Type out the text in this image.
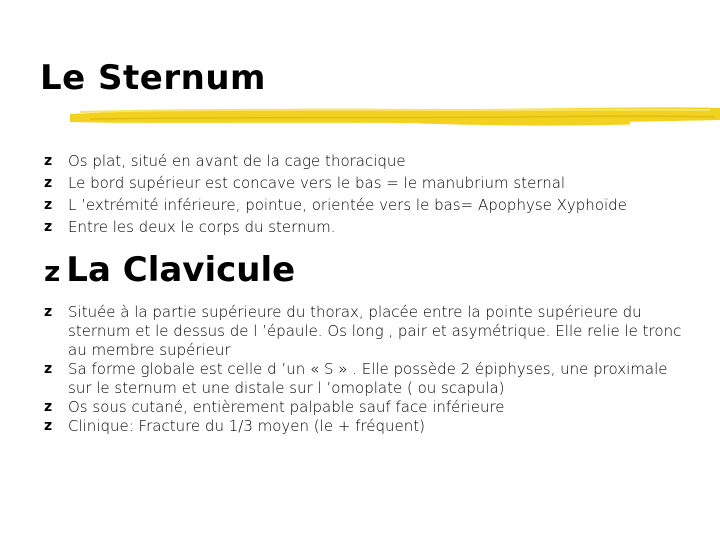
Le Sternum
z Os plat, situé en avant de la cage thoracique
z Le bord supérieur est concave vers le bas = le manubrium sternal
z L ’extrémité inférieure, pointue, orientée vers le bas= Apophyse Xyphoïde
z Entre les deux le corps du sternum.
z La Clavicule
z Située à la partie supérieure du thorax, placée entre la pointe supérieure du sternum et le dessus de l ’épaule. Os long , pair et asymétrique. Elle relie le tronc au membre supérieur
z Sa forme globale est celle d ’un « S » . Elle possède 2 épiphyses, une proximale sur le sternum et une distale sur l ’omoplate ( ou scapula)
z Os sous cutané, entièrement palpable sauf face inférieure
z Clinique: Fracture du 1/3 moyen (le + fréquent)
